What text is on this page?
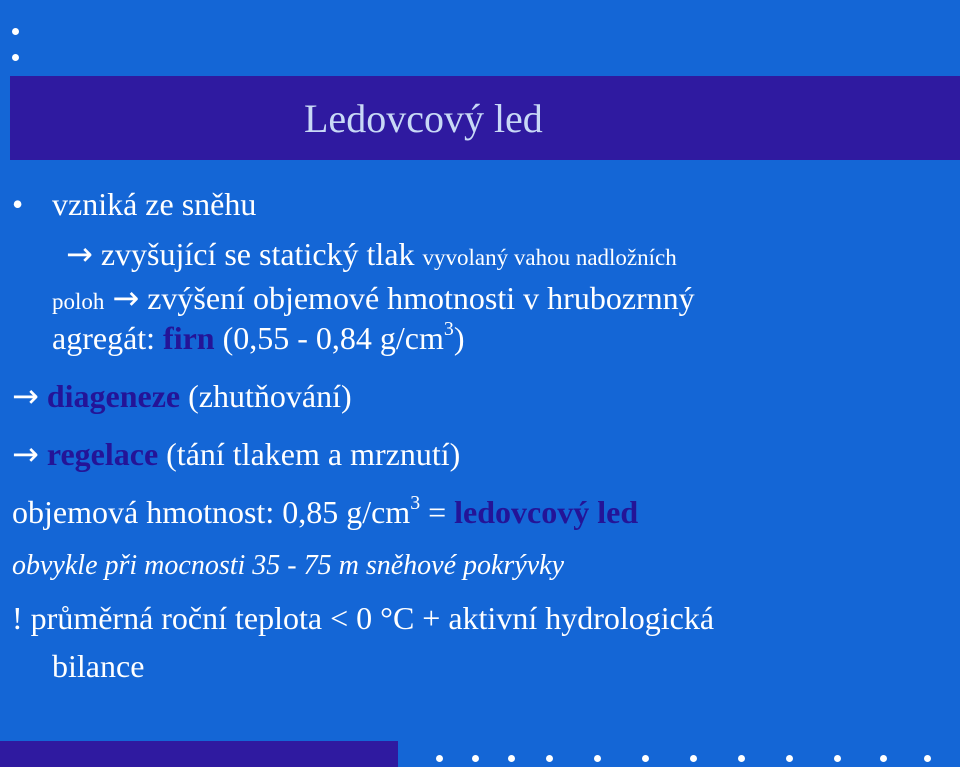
Ledovcový led
• vzniká ze sněhu
→ zvyšující se statický tlak vyvolaný vahou nadložních
poloh → zvýšení objemové hmotnosti v hrubozrnný
agregát: firn (0,55 - 0,84 $g/cm^3$)
→ diageneze (zhutňování)
→ regelace (tání tlakem a mrznutí)
objemová hmotnost: 0,85 $g/cm^3$ = ledovcový led
obvykle při mocnosti 35 - 75 m sněhové pokrývky
! průměrná roční teplota < 0 °C + aktivní hydrologická
bilance
